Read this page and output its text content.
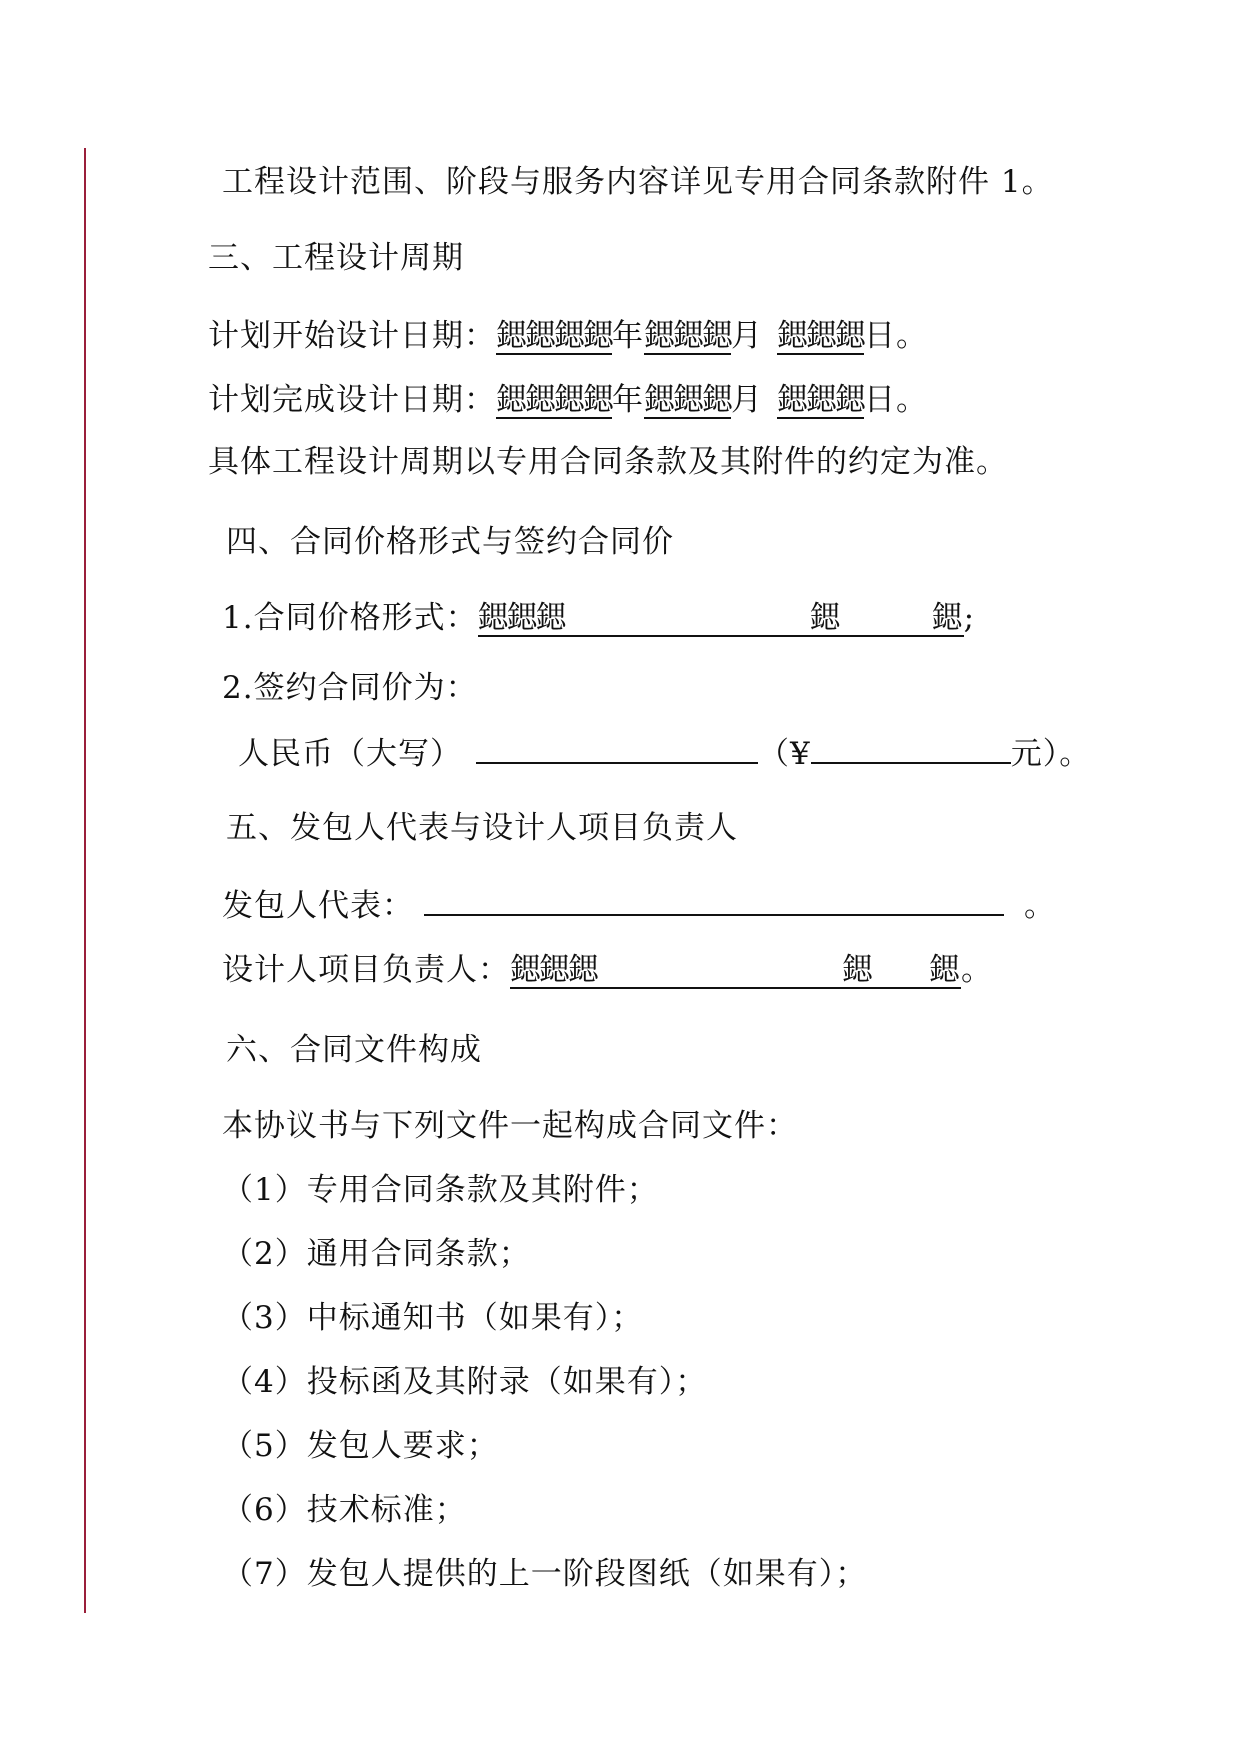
工程设计范围、阶段与服务内容详见专用合同条款附件 1。
三、工程设计周期
计划开始设计日期：鍶鍶鍶鍶年鍶鍶鍶月 鍶鍶鍶日。
计划完成设计日期：鍶鍶鍶鍶年鍶鍶鍶月 鍶鍶鍶日。
具体工程设计周期以专用合同条款及其附件的约定为准。
四、合同价格形式与签约合同价
1.合同价格形式：鍶鍶鍶	鍶	鍶;
2.签约合同价为：
人民币（大写）	（¥	元）。
五、发包人代表与设计人项目负责人
发包人代表：	。
设计人项目负责人：鍶鍶鍶	鍶 鍶。
六、合同文件构成
本协议书与下列文件一起构成合同文件：
（1）专用合同条款及其附件；
（2）通用合同条款；
（3）中标通知书（如果有）；
（4）投标函及其附录（如果有）；
（5）发包人要求；
（6）技术标准；
（7）发包人提供的上一阶段图纸（如果有）；
